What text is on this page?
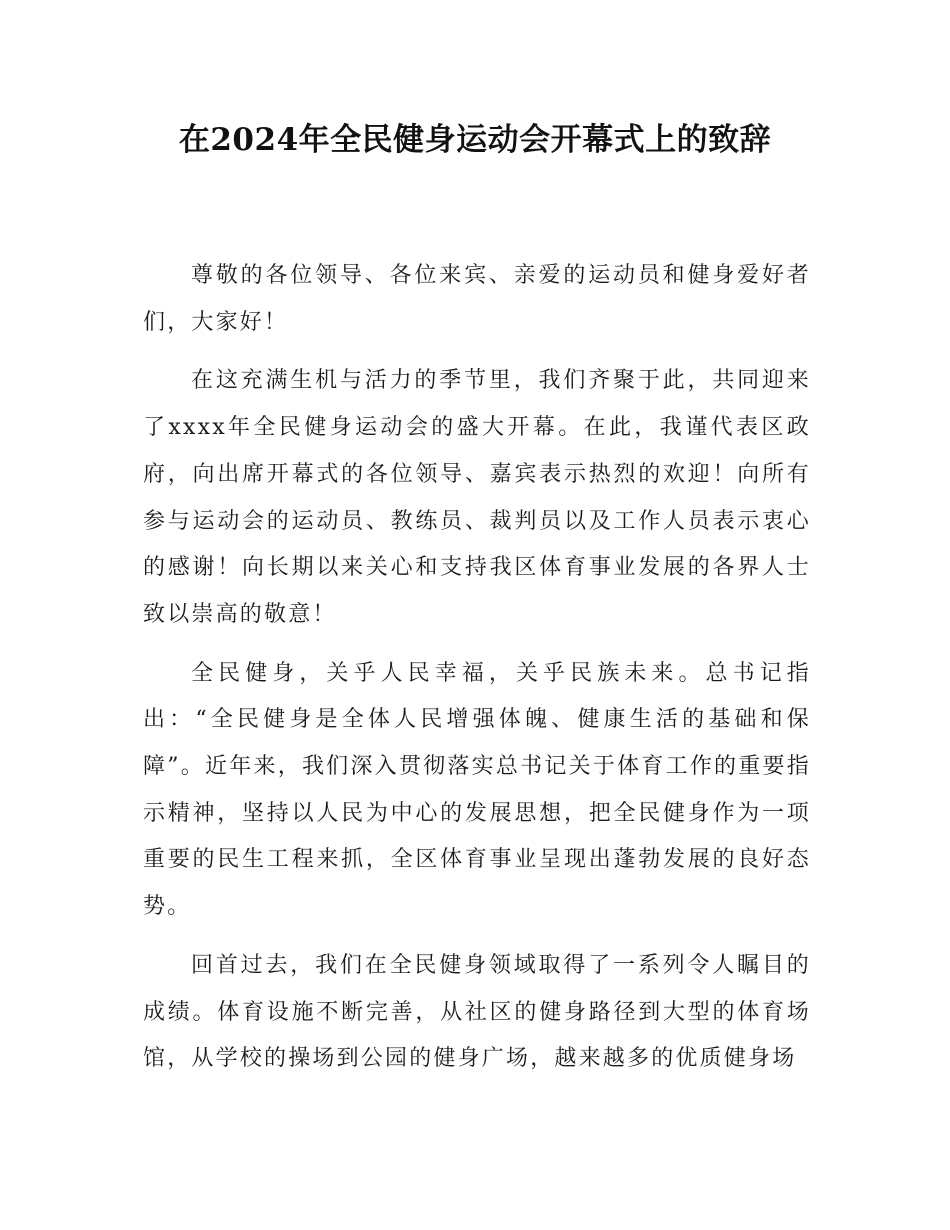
在2024年全民健身运动会开幕式上的致辞

尊敬的各位领导、各位来宾、亲爱的运动员和健身爱好者们，大家好！

在这充满生机与活力的季节里，我们齐聚于此，共同迎来了xxxx年全民健身运动会的盛大开幕。在此，我谨代表区政府，向出席开幕式的各位领导、嘉宾表示热烈的欢迎！向所有参与运动会的运动员、教练员、裁判员以及工作人员表示衷心的感谢！向长期以来关心和支持我区体育事业发展的各界人士致以崇高的敬意！

全民健身，关乎人民幸福，关乎民族未来。总书记指出：“全民健身是全体人民增强体魄、健康生活的基础和保障”。近年来，我们深入贯彻落实总书记关于体育工作的重要指示精神，坚持以人民为中心的发展思想，把全民健身作为一项重要的民生工程来抓，全区体育事业呈现出蓬勃发展的良好态势。

回首过去，我们在全民健身领域取得了一系列令人瞩目的成绩。体育设施不断完善，从社区的健身路径到大型的体育场馆，从学校的操场到公园的健身广场，越来越多的优质健身场
